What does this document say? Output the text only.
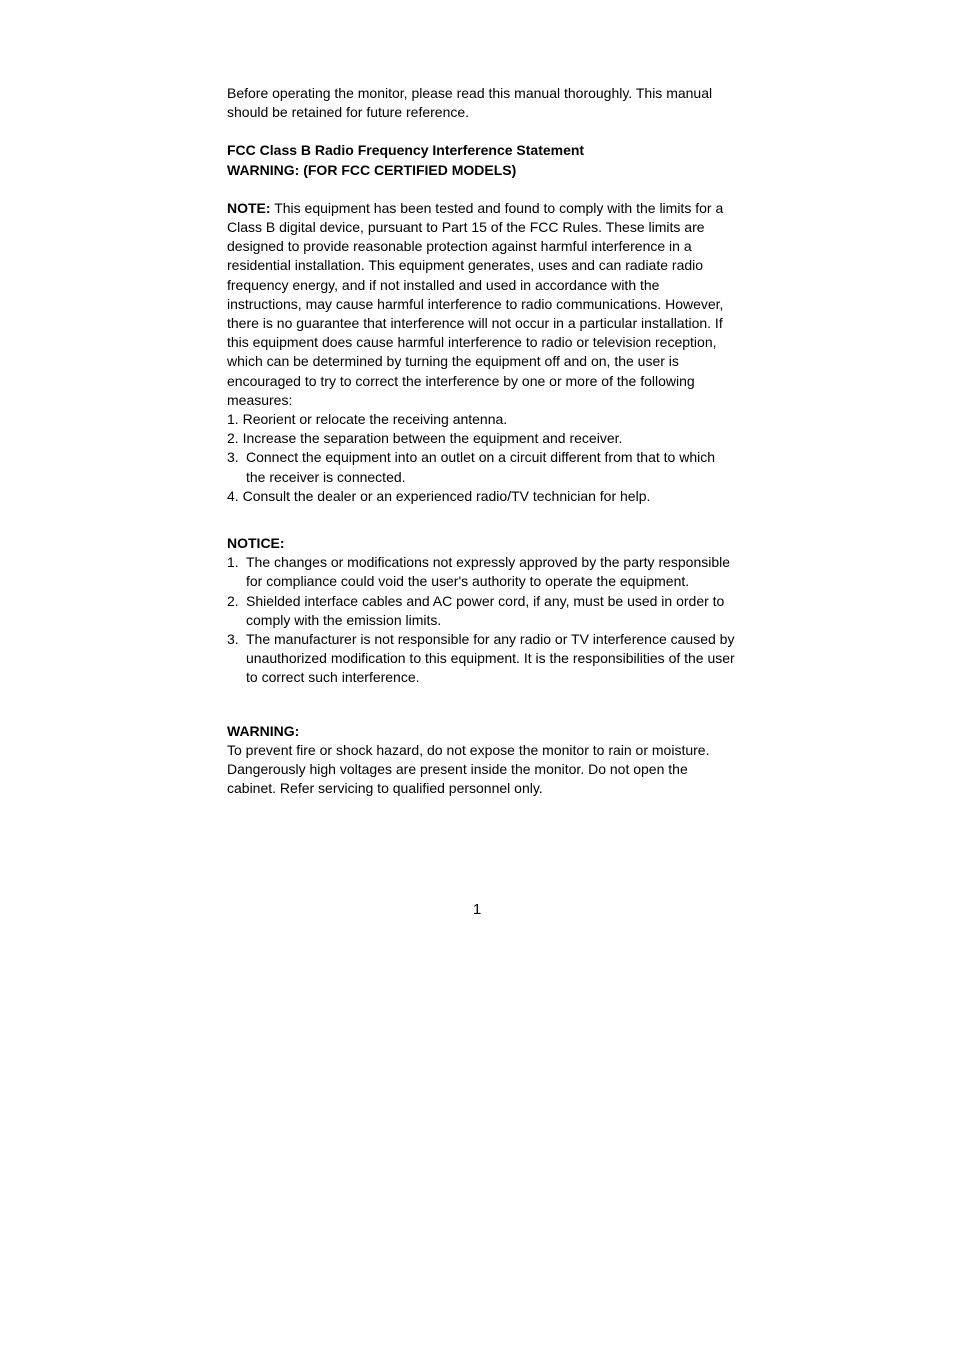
Before operating the monitor, please read this manual thoroughly. This manual should be retained for future reference.

FCC Class B Radio Frequency Interference Statement

WARNING: (FOR FCC CERTIFIED MODELS)

NOTE: This equipment has been tested and found to comply with the limits for a Class B digital device, pursuant to Part 15 of the FCC Rules. These limits are designed to provide reasonable protection against harmful interference in a residential installation. This equipment generates, uses and can radiate radio frequency energy, and if not installed and used in accordance with the instructions, may cause harmful interference to radio communications. However, there is no guarantee that interference will not occur in a particular installation. If this equipment does cause harmful interference to radio or television reception, which can be determined by turning the equipment off and on, the user is encouraged to try to correct the interference by one or more of the following measures:

1. Reorient or relocate the receiving antenna.

2. Increase the separation between the equipment and receiver.

3. Connect the equipment into an outlet on a circuit different from that to which the receiver is connected.

4. Consult the dealer or an experienced radio/TV technician for help.

NOTICE:

1. The changes or modifications not expressly approved by the party responsible for compliance could void the user's authority to operate the equipment.
2. Shielded interface cables and AC power cord, if any, must be used in order to comply with the emission limits.
3. The manufacturer is not responsible for any radio or TV interference caused by unauthorized modification to this equipment. It is the responsibilities of the user to correct such interference.

WARNING:

To prevent fire or shock hazard, do not expose the monitor to rain or moisture. Dangerously high voltages are present inside the monitor. Do not open the cabinet. Refer servicing to qualified personnel only.

1
